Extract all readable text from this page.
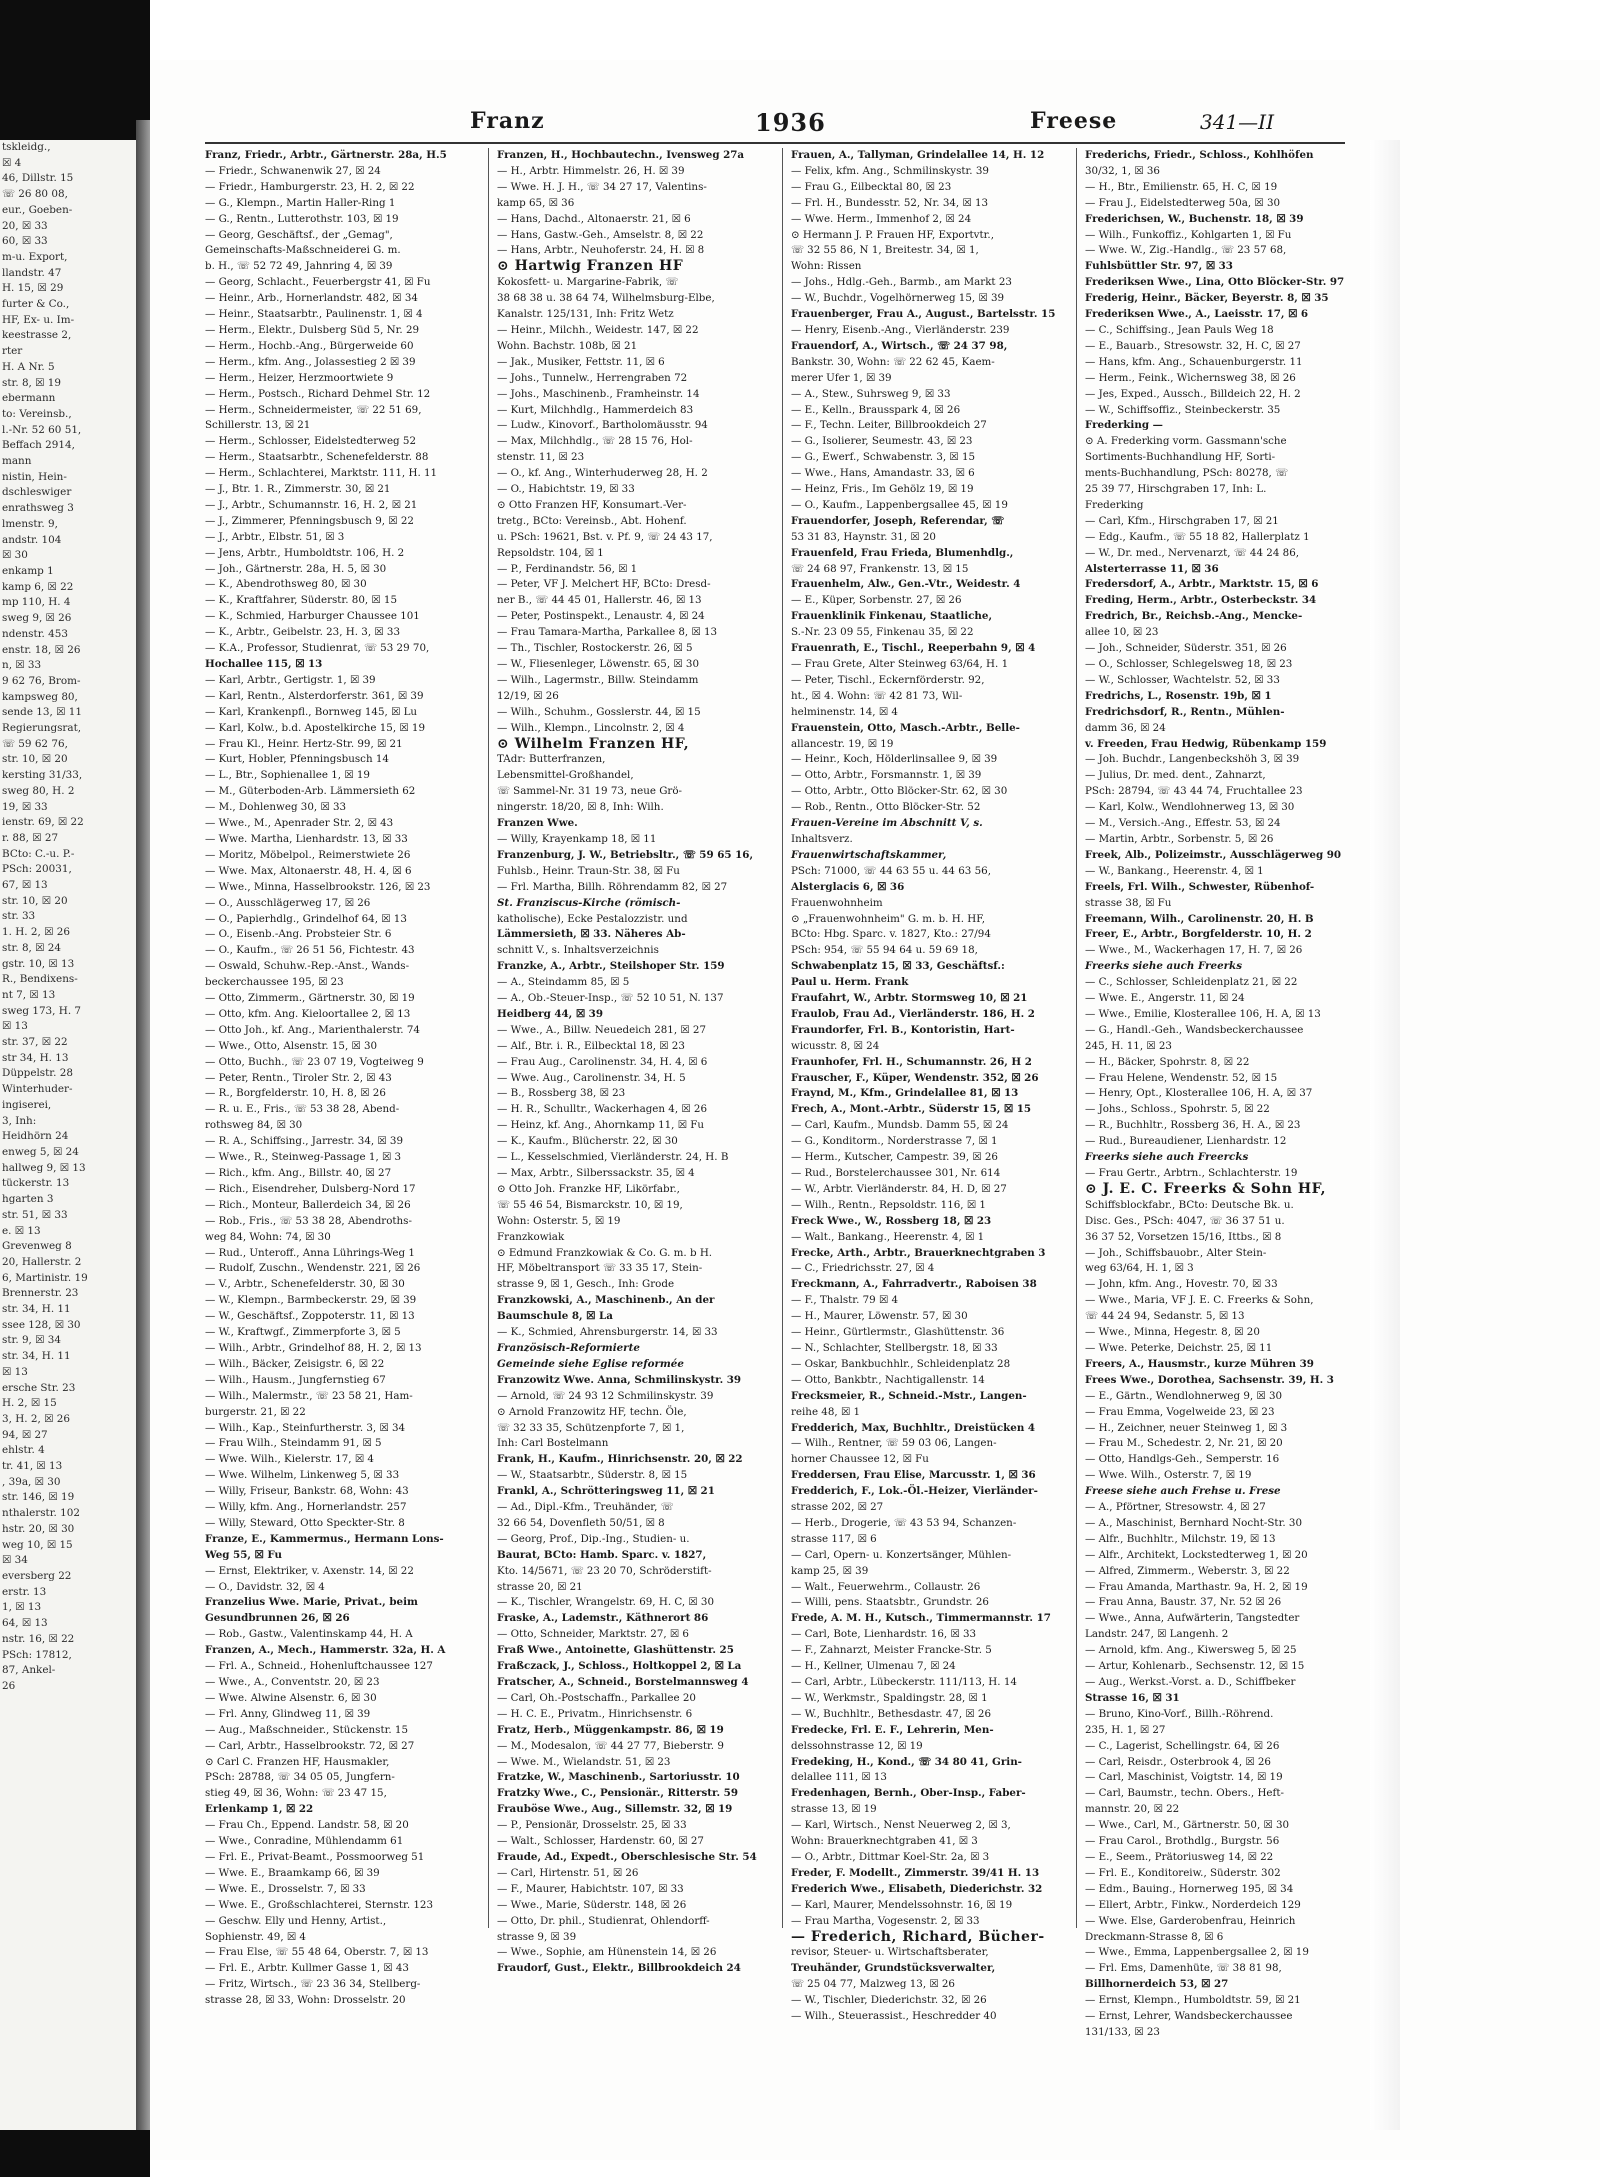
tskleidg.,
☒ 4
46, Dillstr. 15
☏ 26 80 08,
eur., Goeben-
20, ☒ 33
60, ☒ 33
m-u. Export,
llandstr. 47
H. 15, ☒ 29
furter & Co.,
HF, Ex- u. Im-
keestrasse 2,
rter
H. A Nr. 5
str. 8, ☒ 19
ebermann
to: Vereinsb.,
l.-Nr. 52 60 51,
Beffach 2914,
mann
nistin, Hein-
dschleswiger
enrathsweg 3
lmenstr. 9,
andstr. 104
☒ 30
enkamp 1
kamp 6, ☒ 22
mp 110, H. 4
sweg 9, ☒ 26
ndenstr. 453
enstr. 18, ☒ 26
n, ☒ 33
9 62 76, Brom-
kampsweg 80,
sende 13, ☒ 11
Regierungsrat,
☏ 59 62 76,
str. 10, ☒ 20
kersting 31/33,
sweg 80, H. 2
19, ☒ 33
ienstr. 69, ☒ 22
r. 88, ☒ 27
BCto: C.-u. P.-
PSch: 20031,
67, ☒ 13
str. 10, ☒ 20
str. 33
1. H. 2, ☒ 26
str. 8, ☒ 24
gstr. 10, ☒ 13
R., Bendixens-
nt 7, ☒ 13
sweg 173, H. 7
☒ 13
str. 37, ☒ 22
str 34, H. 13
Düppelstr. 28
Winterhuder-
ingiserei,
3, Inh:
Heidhörn 24
enweg 5, ☒ 24
hallweg 9, ☒ 13
tückerstr. 13
hgarten 3
str. 51, ☒ 33
e. ☒ 13
Grevenweg 8
20, Hallerstr. 2
6, Martinistr. 19
Brennerstr. 23
str. 34, H. 11
ssee 128, ☒ 30
str. 9, ☒ 34
str. 34, H. 11
☒ 13
ersche Str. 23
H. 2, ☒ 15
3, H. 2, ☒ 26
94, ☒ 27
ehlstr. 4
tr. 41, ☒ 13
, 39a, ☒ 30
str. 146, ☒ 19
nthalerstr. 102
hstr. 20, ☒ 30
weg 10, ☒ 15
☒ 34
eversberg 22
erstr. 13
1, ☒ 13
64, ☒ 13
nstr. 16, ☒ 22
PSch: 17812,
87, Ankel-
26
Franz	1936	Freese	341—II
Franz, Friedr., Arbtr., Gärtnerstr. 28a, H.5
— Friedr., Schwanenwik 27, ☒ 24
— Friedr., Hamburgerstr. 23, H. 2, ☒ 22
— G., Klempn., Martin Haller-Ring 1
— G., Rentn., Lutterothstr. 103, ☒ 19
— Georg, Geschäftsf., der „Gemag",
Gemeinschafts-Maßschneiderei G. m.
b. H., ☏ 52 72 49, Jahnring 4, ☒ 39
— Georg, Schlacht., Feuerbergstr 41, ☒ Fu
— Heinr., Arb., Hornerlandstr. 482, ☒ 34
— Heinr., Staatsarbtr., Paulinenstr. 1, ☒ 4
— Herm., Elektr., Dulsberg Süd 5, Nr. 29
— Herm., Hochb.-Ang., Bürgerweide 60
— Herm., kfm. Ang., Jolassestieg 2 ☒ 39
— Herm., Heizer, Herzmoortwiete 9
— Herm., Postsch., Richard Dehmel Str. 12
— Herm., Schneidermeister, ☏ 22 51 69,
Schillerstr. 13, ☒ 21
— Herm., Schlosser, Eidelstedterweg 52
— Herm., Staatsarbtr., Schenefelderstr. 88
— Herm., Schlachterei, Marktstr. 111, H. 11
— J., Btr. 1. R., Zimmerstr. 30, ☒ 21
— J., Arbtr., Schumannstr. 16, H. 2, ☒ 21
— J., Zimmerer, Pfenningsbusch 9, ☒ 22
— J., Arbtr., Elbstr. 51, ☒ 3
— Jens, Arbtr., Humboldtstr. 106, H. 2
— Joh., Gärtnerstr. 28a, H. 5, ☒ 30
— K., Abendrothsweg 80, ☒ 30
— K., Kraftfahrer, Süderstr. 80, ☒ 15
— K., Schmied, Harburger Chaussee 101
— K., Arbtr., Geibelstr. 23, H. 3, ☒ 33
— K.A., Professor, Studienrat, ☏ 53 29 70,
Hochallee 115, ☒ 13
— Karl, Arbtr., Gertigstr. 1, ☒ 39
— Karl, Rentn., Alsterdorferstr. 361, ☒ 39
— Karl, Krankenpfl., Bornweg 145, ☒ Lu
— Karl, Kolw., b.d. Apostelkirche 15, ☒ 19
— Frau Kl., Heinr. Hertz-Str. 99, ☒ 21
— Kurt, Hobler, Pfenningsbusch 14
— L., Btr., Sophienallee 1, ☒ 19
— M., Güterboden-Arb. Lämmersieth 62
— M., Dohlenweg 30, ☒ 33
— Wwe., M., Apenrader Str. 2, ☒ 43
— Wwe. Martha, Lienhardstr. 13, ☒ 33
— Moritz, Möbelpol., Reimerstwiete 26
— Wwe. Max, Altonaerstr. 48, H. 4, ☒ 6
— Wwe., Minna, Hasselbrookstr. 126, ☒ 23
— O., Ausschlägerweg 17, ☒ 26
— O., Papierhdlg., Grindelhof 64, ☒ 13
— O., Eisenb.-Ang. Probsteier Str. 6
— O., Kaufm., ☏ 26 51 56, Fichtestr. 43
— Oswald, Schuhw.-Rep.-Anst., Wands-
beckerchaussee 195, ☒ 23
— Otto, Zimmerm., Gärtnerstr. 30, ☒ 19
— Otto, kfm. Ang. Kieloortallee 2, ☒ 13
— Otto Joh., kf. Ang., Marienthalerstr. 74
— Wwe., Otto, Alsenstr. 15, ☒ 30
— Otto, Buchh., ☏ 23 07 19, Vogteiweg 9
— Peter, Rentn., Tiroler Str. 2, ☒ 43
— R., Borgfelderstr. 10, H. 8, ☒ 26
— R. u. E., Fris., ☏ 53 38 28, Abend-
rothsweg 84, ☒ 30
— R. A., Schiffsing., Jarrestr. 34, ☒ 39
— Wwe., R., Steinweg-Passage 1, ☒ 3
— Rich., kfm. Ang., Billstr. 40, ☒ 27
— Rich., Eisendreher, Dulsberg-Nord 17
— Rich., Monteur, Ballerdeich 34, ☒ 26
— Rob., Fris., ☏ 53 38 28, Abendroths-
weg 84, Wohn: 74, ☒ 30
— Rud., Unteroff., Anna Lührings-Weg 1
— Rudolf, Zuschn., Wendenstr. 221, ☒ 26
— V., Arbtr., Schenefelderstr. 30, ☒ 30
— W., Klempn., Barmbeckerstr. 29, ☒ 39
— W., Geschäftsf., Zoppoterstr. 11, ☒ 13
— W., Kraftwgf., Zimmerpforte 3, ☒ 5
— Wilh., Arbtr., Grindelhof 88, H. 2, ☒ 13
— Wilh., Bäcker, Zeisigstr. 6, ☒ 22
— Wilh., Hausm., Jungfernstieg 67
— Wilh., Malermstr., ☏ 23 58 21, Ham-
burgerstr. 21, ☒ 22
— Wilh., Kap., Steinfurtherstr. 3, ☒ 34
— Frau Wilh., Steindamm 91, ☒ 5
— Wwe. Wilh., Kielerstr. 17, ☒ 4
— Wwe. Wilhelm, Linkenweg 5, ☒ 33
— Willy, Friseur, Bankstr. 68, Wohn: 43
— Willy, kfm. Ang., Hornerlandstr. 257
— Willy, Steward, Otto Speckter-Str. 8
Franze, E., Kammermus., Hermann Lons-
Weg 55, ☒ Fu
— Ernst, Elektriker, v. Axenstr. 14, ☒ 22
— O., Davidstr. 32, ☒ 4
Franzelius Wwe. Marie, Privat., beim
Gesundbrunnen 26, ☒ 26
— Rob., Gastw., Valentinskamp 44, H. A
Franzen, A., Mech., Hammerstr. 32a, H. A
— Frl. A., Schneid., Hohenluftchaussee 127
— Wwe., A., Conventstr. 20, ☒ 23
— Wwe. Alwine Alsenstr. 6, ☒ 30
— Frl. Anny, Glindweg 11, ☒ 39
— Aug., Maßschneider., Stückenstr. 15
— Carl, Arbtr., Hasselbrookstr. 72, ☒ 27
⊙ Carl C. Franzen HF, Hausmakler,
PSch: 28788, ☏ 34 05 05, Jungfern-
stieg 49, ☒ 36, Wohn: ☏ 23 47 15,
Erlenkamp 1, ☒ 22
— Frau Ch., Eppend. Landstr. 58, ☒ 20
— Wwe., Conradine, Mühlendamm 61
— Frl. E., Privat-Beamt., Possmoorweg 51
— Wwe. E., Braamkamp 66, ☒ 39
— Wwe. E., Drosselstr. 7, ☒ 33
— Wwe. E., Großschlachterei, Sternstr. 123
— Geschw. Elly und Henny, Artist.,
Sophienstr. 49, ☒ 4
— Frau Else, ☏ 55 48 64, Oberstr. 7, ☒ 13
— Frl. E., Arbtr. Kullmer Gasse 1, ☒ 43
— Fritz, Wirtsch., ☏ 23 36 34, Stellberg-
strasse 28, ☒ 33, Wohn: Drosselstr. 20
Franzen, H., Hochbautechn., Ivensweg 27a
— H., Arbtr. Himmelstr. 26, H. ☒ 39
— Wwe. H. J. H., ☏ 34 27 17, Valentins-
kamp 65, ☒ 36
— Hans, Dachd., Altonaerstr. 21, ☒ 6
— Hans, Gastw.-Geh., Amselstr. 8, ☒ 22
— Hans, Arbtr., Neuhoferstr. 24, H. ☒ 8
⊙ Hartwig Franzen HF
Kokosfett- u. Margarine-Fabrik, ☏
38 68 38 u. 38 64 74, Wilhelmsburg-Elbe,
Kanalstr. 125/131, Inh: Fritz Wetz
— Heinr., Milchh., Weidestr. 147, ☒ 22
Wohn. Bachstr. 108b, ☒ 21
— Jak., Musiker, Fettstr. 11, ☒ 6
— Johs., Tunnelw., Herrengraben 72
— Johs., Maschinenb., Framheinstr. 14
— Kurt, Milchhdlg., Hammerdeich 83
— Ludw., Kinovorf., Bartholomäusstr. 94
— Max, Milchhdlg., ☏ 28 15 76, Hol-
stenstr. 11, ☒ 23
— O., kf. Ang., Winterhuderweg 28, H. 2
— O., Habichtstr. 19, ☒ 33
⊙ Otto Franzen HF, Konsumart.-Ver-
tretg., BCto: Vereinsb., Abt. Hohenf.
u. PSch: 19621, Bst. v. Pf. 9, ☏ 24 43 17,
Repsoldstr. 104, ☒ 1
— P., Ferdinandstr. 56, ☒ 1
— Peter, VF J. Melchert HF, BCto: Dresd-
ner B., ☏ 44 45 01, Hallerstr. 46, ☒ 13
— Peter, Postinspekt., Lenaustr. 4, ☒ 24
— Frau Tamara-Martha, Parkallee 8, ☒ 13
— Th., Tischler, Rostockerstr. 26, ☒ 5
— W., Fliesenleger, Löwenstr. 65, ☒ 30
— Wilh., Lagermstr., Billw. Steindamm
12/19, ☒ 26
— Wilh., Schuhm., Gosslerstr. 44, ☒ 15
— Wilh., Klempn., Lincolnstr. 2, ☒ 4
⊙ Wilhelm Franzen HF,
TAdr: Butterfranzen,
Lebensmittel-Großhandel,
☏ Sammel-Nr. 31 19 73, neue Grö-
ningerstr. 18/20, ☒ 8, Inh: Wilh.
Franzen Wwe.
— Willy, Krayenkamp 18, ☒ 11
Franzenburg, J. W., Betriebsltr., ☏ 59 65 16,
Fuhlsb., Heinr. Traun-Str. 38, ☒ Fu
— Frl. Martha, Billh. Röhrendamm 82, ☒ 27
St. Franziscus-Kirche (römisch-
katholische), Ecke Pestalozzistr. und
Lämmersieth, ☒ 33. Näheres Ab-
schnitt V., s. Inhaltsverzeichnis
Franzke, A., Arbtr., Steilshoper Str. 159
— A., Steindamm 85, ☒ 5
— A., Ob.-Steuer-Insp., ☏ 52 10 51, N. 137
Heidberg 44, ☒ 39
— Wwe., A., Billw. Neuedeich 281, ☒ 27
— Alf., Btr. i. R., Eilbecktal 18, ☒ 23
— Frau Aug., Carolinenstr. 34, H. 4, ☒ 6
— Wwe. Aug., Carolinenstr. 34, H. 5
— B., Rossberg 38, ☒ 23
— H. R., Schulltr., Wackerhagen 4, ☒ 26
— Heinz, kf. Ang., Ahornkamp 11, ☒ Fu
— K., Kaufm., Blücherstr. 22, ☒ 30
— L., Kesselschmied, Vierländerstr. 24, H. B
— Max, Arbtr., Silberssackstr. 35, ☒ 4
⊙ Otto Joh. Franzke HF, Likörfabr.,
☏ 55 46 54, Bismarckstr. 10, ☒ 19,
Wohn: Osterstr. 5, ☒ 19
Franzkowiak
⊙ Edmund Franzkowiak & Co. G. m. b H.
HF, Möbeltransport ☏ 33 35 17, Stein-
strasse 9, ☒ 1, Gesch., Inh: Grode
Franzkowski, A., Maschinenb., An der
Baumschule 8, ☒ La
— K., Schmied, Ahrensburgerstr. 14, ☒ 33
Französisch-Reformierte
Gemeinde siehe Eglise reformée
Franzowitz Wwe. Anna, Schmilinskystr. 39
— Arnold, ☏ 24 93 12 Schmilinskystr. 39
⊙ Arnold Franzowitz HF, techn. Öle,
☏ 32 33 35, Schützenpforte 7, ☒ 1,
Inh: Carl Bostelmann
Frank, H., Kaufm., Hinrichsenstr. 20, ☒ 22
— W., Staatsarbtr., Süderstr. 8, ☒ 15
Frankl, A., Schrötteringsweg 11, ☒ 21
— Ad., Dipl.-Kfm., Treuhänder, ☏
32 66 54, Dovenfleth 50/51, ☒ 8
— Georg, Prof., Dip.-Ing., Studien- u.
Baurat, BCto: Hamb. Sparc. v. 1827,
Kto. 14/5671, ☏ 23 20 70, Schröderstift-
strasse 20, ☒ 21
— K., Tischler, Wrangelstr. 69, H. C, ☒ 30
Fraske, A., Lademstr., Käthnerort 86
— Otto, Schneider, Marktstr. 27, ☒ 6
Fraß Wwe., Antoinette, Glashüttenstr. 25
Fraßczack, J., Schloss., Holtkoppel 2, ☒ La
Fratscher, A., Schneid., Borstelmannsweg 4
— Carl, Oh.-Postschaffn., Parkallee 20
— H. C. E., Privatm., Hinrichsenstr. 6
Fratz, Herb., Müggenkampstr. 86, ☒ 19
— M., Modesalon, ☏ 44 27 77, Bieberstr. 9
— Wwe. M., Wielandstr. 51, ☒ 23
Fratzke, W., Maschinenb., Sartoriusstr. 10
Fratzky Wwe., C., Pensionär., Ritterstr. 59
Frauböse Wwe., Aug., Sillemstr. 32, ☒ 19
— P., Pensionär, Drosselstr. 25, ☒ 33
— Walt., Schlosser, Hardenstr. 60, ☒ 27
Fraude, Ad., Expedt., Oberschlesische Str. 54
— Carl, Hirtenstr. 51, ☒ 26
— F., Maurer, Habichtstr. 107, ☒ 33
— Wwe., Marie, Süderstr. 148, ☒ 26
— Otto, Dr. phil., Studienrat, Ohlendorff-
strasse 9, ☒ 39
— Wwe., Sophie, am Hünenstein 14, ☒ 26
Fraudorf, Gust., Elektr., Billbrookdeich 24
Frauen, A., Tallyman, Grindelallee 14, H. 12
— Felix, kfm. Ang., Schmilinskystr. 39
— Frau G., Eilbecktal 80, ☒ 23
— Frl. H., Bundesstr. 52, Nr. 34, ☒ 13
— Wwe. Herm., Immenhof 2, ☒ 24
⊙ Hermann J. P. Frauen HF, Exportvtr.,
☏ 32 55 86, N 1, Breitestr. 34, ☒ 1,
Wohn: Rissen
— Johs., Hdlg.-Geh., Barmb., am Markt 23
— W., Buchdr., Vogelhörnerweg 15, ☒ 39
Frauenberger, Frau A., August., Bartelsstr. 15
— Henry, Eisenb.-Ang., Vierländerstr. 239
Frauendorf, A., Wirtsch., ☏ 24 37 98,
Bankstr. 30, Wohn: ☏ 22 62 45, Kaem-
merer Ufer 1, ☒ 39
— A., Stew., Suhrsweg 9, ☒ 33
— E., Kelln., Brausspark 4, ☒ 26
— F., Techn. Leiter, Billbrookdeich 27
— G., Isolierer, Seumestr. 43, ☒ 23
— G., Ewerf., Schwabenstr. 3, ☒ 15
— Wwe., Hans, Amandastr. 33, ☒ 6
— Heinz, Fris., Im Gehölz 19, ☒ 19
— O., Kaufm., Lappenbergsallee 45, ☒ 19
Frauendorfer, Joseph, Referendar, ☏
53 31 83, Haynstr. 31, ☒ 20
Frauenfeld, Frau Frieda, Blumenhdlg.,
☏ 24 68 97, Frankenstr. 13, ☒ 15
Frauenhelm, Alw., Gen.-Vtr., Weidestr. 4
— E., Küper, Sorbenstr. 27, ☒ 26
Frauenklinik Finkenau, Staatliche,
S.-Nr. 23 09 55, Finkenau 35, ☒ 22
Frauenrath, E., Tischl., Reeperbahn 9, ☒ 4
— Frau Grete, Alter Steinweg 63/64, H. 1
— Peter, Tischl., Eckernförderstr. 92,
ht., ☒ 4. Wohn: ☏ 42 81 73, Wil-
helminenstr. 14, ☒ 4
Frauenstein, Otto, Masch.-Arbtr., Belle-
allancestr. 19, ☒ 19
— Heinr., Koch, Hölderlinsallee 9, ☒ 39
— Otto, Arbtr., Forsmannstr. 1, ☒ 39
— Otto, Arbtr., Otto Blöcker-Str. 62, ☒ 30
— Rob., Rentn., Otto Blöcker-Str. 52
Frauen-Vereine im Abschnitt V, s.
Inhaltsverz.
Frauenwirtschaftskammer,
PSch: 71000, ☏ 44 63 55 u. 44 63 56,
Alsterglacis 6, ☒ 36
Frauenwohnheim
⊙ „Frauenwohnheim" G. m. b. H. HF,
BCto: Hbg. Sparc. v. 1827, Kto.: 27/94
PSch: 954, ☏ 55 94 64 u. 59 69 18,
Schwabenplatz 15, ☒ 33, Geschäftsf.:
Paul u. Herm. Frank
Fraufahrt, W., Arbtr. Stormsweg 10, ☒ 21
Fraulob, Frau Ad., Vierländerstr. 186, H. 2
Fraundorfer, Frl. B., Kontoristin, Hart-
wicusstr. 8, ☒ 24
Fraunhofer, Frl. H., Schumannstr. 26, H 2
Frauscher, F., Küper, Wendenstr. 352, ☒ 26
Fraynd, M., Kfm., Grindelallee 81, ☒ 13
Frech, A., Mont.-Arbtr., Süderstr 15, ☒ 15
— Carl, Kaufm., Mundsb. Damm 55, ☒ 24
— G., Konditorm., Norderstrasse 7, ☒ 1
— Herm., Kutscher, Campestr. 39, ☒ 26
— Rud., Borstelerchaussee 301, Nr. 614
— W., Arbtr. Vierländerstr. 84, H. D, ☒ 27
— Wilh., Rentn., Repsoldstr. 116, ☒ 1
Freck Wwe., W., Rossberg 18, ☒ 23
— Walt., Bankang., Heerenstr. 4, ☒ 1
Frecke, Arth., Arbtr., Brauerknechtgraben 3
— C., Friedrichsstr. 27, ☒ 4
Freckmann, A., Fahrradvertr., Raboisen 38
— F., Thalstr. 79 ☒ 4
— H., Maurer, Löwenstr. 57, ☒ 30
— Heinr., Gürtlermstr., Glashüttenstr. 36
— N., Schlachter, Stellbergstr. 18, ☒ 33
— Oskar, Bankbuchhlr., Schleidenplatz 28
— Otto, Bankbtr., Nachtigallenstr. 14
Frecksmeier, R., Schneid.-Mstr., Langen-
reihe 48, ☒ 1
Fredderich, Max, Buchhltr., Dreistücken 4
— Wilh., Rentner, ☏ 59 03 06, Langen-
horner Chaussee 12, ☒ Fu
Freddersen, Frau Elise, Marcusstr. 1, ☒ 36
Fredderich, F., Lok.-Öl.-Heizer, Vierländer-
strasse 202, ☒ 27
— Herb., Drogerie, ☏ 43 53 94, Schanzen-
strasse 117, ☒ 6
— Carl, Opern- u. Konzertsänger, Mühlen-
kamp 25, ☒ 39
— Walt., Feuerwehrm., Collaustr. 26
— Willi, pens. Staatsbtr., Grundstr. 26
Frede, A. M. H., Kutsch., Timmermannstr. 17
— Carl, Bote, Lienhardstr. 16, ☒ 33
— F., Zahnarzt, Meister Francke-Str. 5
— H., Kellner, Ulmenau 7, ☒ 24
— Carl, Arbtr., Lübeckerstr. 111/113, H. 14
— W., Werkmstr., Spaldingstr. 28, ☒ 1
— W., Buchhltr., Bethesdastr. 47, ☒ 26
Fredecke, Frl. E. F., Lehrerin, Men-
delssohnstrasse 12, ☒ 19
Fredeking, H., Kond., ☏ 34 80 41, Grin-
delallee 111, ☒ 13
Fredenhagen, Bernh., Ober-Insp., Faber-
strasse 13, ☒ 19
— Karl, Wirtsch., Nenst Neuerweg 2, ☒ 3,
Wohn: Brauerknechtgraben 41, ☒ 3
— O., Arbtr., Dittmar Koel-Str. 2a, ☒ 3
Freder, F. Modellt., Zimmerstr. 39/41 H. 13
Frederich Wwe., Elisabeth, Diederichstr. 32
— Karl, Maurer, Mendelssohnstr. 16, ☒ 19
— Frau Martha, Vogesenstr. 2, ☒ 33
— Frederich, Richard, Bücher-
revisor, Steuer- u. Wirtschaftsberater,
Treuhänder, Grundstücksverwalter,
☏ 25 04 77, Malzweg 13, ☒ 26
— W., Tischler, Diederichstr. 32, ☒ 26
— Wilh., Steuerassist., Heschredder 40
Frederichs, Friedr., Schloss., Kohlhöfen
30/32, 1, ☒ 36
— H., Btr., Emilienstr. 65, H. C, ☒ 19
— Frau J., Eidelstedterweg 50a, ☒ 30
Frederichsen, W., Buchenstr. 18, ☒ 39
— Wilh., Funkoffiz., Kohlgarten 1, ☒ Fu
— Wwe. W., Zig.-Handlg., ☏ 23 57 68,
Fuhlsbüttler Str. 97, ☒ 33
Frederiksen Wwe., Lina, Otto Blöcker-Str. 97
Frederig, Heinr., Bäcker, Beyerstr. 8, ☒ 35
Frederiksen Wwe., A., Laeisstr. 17, ☒ 6
— C., Schiffsing., Jean Pauls Weg 18
— E., Bauarb., Stresowstr. 32, H. C, ☒ 27
— Hans, kfm. Ang., Schauenburgerstr. 11
— Herm., Feink., Wichernsweg 38, ☒ 26
— Jes, Exped., Aussch., Billdeich 22, H. 2
— W., Schiffsoffiz., Steinbeckerstr. 35
Frederking —
⊙ A. Frederking vorm. Gassmann'sche
Sortiments-Buchhandlung HF, Sorti-
ments-Buchhandlung, PSch: 80278, ☏
25 39 77, Hirschgraben 17, Inh: L.
Frederking
— Carl, Kfm., Hirschgraben 17, ☒ 21
— Edg., Kaufm., ☏ 55 18 82, Hallerplatz 1
— W., Dr. med., Nervenarzt, ☏ 44 24 86,
Alsterterrasse 11, ☒ 36
Fredersdorf, A., Arbtr., Marktstr. 15, ☒ 6
Freding, Herm., Arbtr., Osterbeckstr. 34
Fredrich, Br., Reichsb.-Ang., Mencke-
allee 10, ☒ 23
— Joh., Schneider, Süderstr. 351, ☒ 26
— O., Schlosser, Schlegelsweg 18, ☒ 23
— W., Schlosser, Wachtelstr. 52, ☒ 33
Fredrichs, L., Rosenstr. 19b, ☒ 1
Fredrichsdorf, R., Rentn., Mühlen-
damm 36, ☒ 24
v. Freeden, Frau Hedwig, Rübenkamp 159
— Joh. Buchdr., Langenbeckshöh 3, ☒ 39
— Julius, Dr. med. dent., Zahnarzt,
PSch: 28794, ☏ 43 44 74, Fruchtallee 23
— Karl, Kolw., Wendlohnerweg 13, ☒ 30
— M., Versich.-Ang., Effestr. 53, ☒ 24
— Martin, Arbtr., Sorbenstr. 5, ☒ 26
Freek, Alb., Polizeimstr., Ausschlägerweg 90
— W., Bankang., Heerenstr. 4, ☒ 1
Freels, Frl. Wilh., Schwester, Rübenhof-
strasse 38, ☒ Fu
Freemann, Wilh., Carolinenstr. 20, H. B
Freer, E., Arbtr., Borgfelderstr. 10, H. 2
— Wwe., M., Wackerhagen 17, H. 7, ☒ 26
Freerks siehe auch Freerks
— C., Schlosser, Schleidenplatz 21, ☒ 22
— Wwe. E., Angerstr. 11, ☒ 24
— Wwe., Emilie, Klosterallee 106, H. A, ☒ 13
— G., Handl.-Geh., Wandsbeckerchaussee
245, H. 11, ☒ 23
— H., Bäcker, Spohrstr. 8, ☒ 22
— Frau Helene, Wendenstr. 52, ☒ 15
— Henry, Opt., Klosterallee 106, H. A, ☒ 37
— Johs., Schloss., Spohrstr. 5, ☒ 22
— R., Buchhltr., Rossberg 36, H. A., ☒ 23
— Rud., Bureaudiener, Lienhardstr. 12
Freerks siehe auch Freercks
— Frau Gertr., Arbtrn., Schlachterstr. 19
⊙ J. E. C. Freerks & Sohn HF,
Schiffsblockfabr., BCto: Deutsche Bk. u.
Disc. Ges., PSch: 4047, ☏ 36 37 51 u.
36 37 52, Vorsetzen 15/16, Ittbs., ☒ 8
— Joh., Schiffsbauobr., Alter Stein-
weg 63/64, H. 1, ☒ 3
— John, kfm. Ang., Hovestr. 70, ☒ 33
— Wwe., Maria, VF J. E. C. Freerks & Sohn,
☏ 44 24 94, Sedanstr. 5, ☒ 13
— Wwe., Minna, Hegestr. 8, ☒ 20
— Wwe. Peterke, Deichstr. 25, ☒ 11
Freers, A., Hausmstr., kurze Mühren 39
Frees Wwe., Dorothea, Sachsenstr. 39, H. 3
— E., Gärtn., Wendlohnerweg 9, ☒ 30
— Frau Emma, Vogelweide 23, ☒ 23
— H., Zeichner, neuer Steinweg 1, ☒ 3
— Frau M., Schedestr. 2, Nr. 21, ☒ 20
— Otto, Handlgs-Geh., Semperstr. 16
— Wwe. Wilh., Osterstr. 7, ☒ 19
Freese siehe auch Frehse u. Frese
— A., Pförtner, Stresowstr. 4, ☒ 27
— A., Maschinist, Bernhard Nocht-Str. 30
— Alfr., Buchhltr., Milchstr. 19, ☒ 13
— Alfr., Architekt, Lockstedterweg 1, ☒ 20
— Alfred, Zimmerm., Weberstr. 3, ☒ 22
— Frau Amanda, Marthastr. 9a, H. 2, ☒ 19
— Frau Anna, Baustr. 37, Nr. 52 ☒ 26
— Wwe., Anna, Aufwärterin, Tangstedter
Landstr. 247, ☒ Langenh. 2
— Arnold, kfm. Ang., Kiwersweg 5, ☒ 25
— Artur, Kohlenarb., Sechsenstr. 12, ☒ 15
— Aug., Werkst.-Vorst. a. D., Schiffbeker
Strasse 16, ☒ 31
— Bruno, Kino-Vorf., Billh.-Röhrend.
235, H. 1, ☒ 27
— C., Lagerist, Schellingstr. 64, ☒ 26
— Carl, Reisdr., Osterbrook 4, ☒ 26
— Carl, Maschinist, Voigtstr. 14, ☒ 19
— Carl, Baumstr., techn. Obers., Heft-
mannstr. 20, ☒ 22
— Wwe., Carl, M., Gärtnerstr. 50, ☒ 30
— Frau Carol., Brothdlg., Burgstr. 56
— E., Seem., Prätoriusweg 14, ☒ 22
— Frl. E., Konditoreiw., Süderstr. 302
— Edm., Bauing., Hornerweg 195, ☒ 34
— Ellert, Arbtr., Finkw., Norderdeich 129
— Wwe. Else, Garderobenfrau, Heinrich
Dreckmann-Strasse 8, ☒ 6
— Wwe., Emma, Lappenbergsallee 2, ☒ 19
— Frl. Ems, Damenhüte, ☏ 38 81 98,
Billhornerdeich 53, ☒ 27
— Ernst, Klempn., Humboldtstr. 59, ☒ 21
— Ernst, Lehrer, Wandsbeckerchaussee
131/133, ☒ 23
